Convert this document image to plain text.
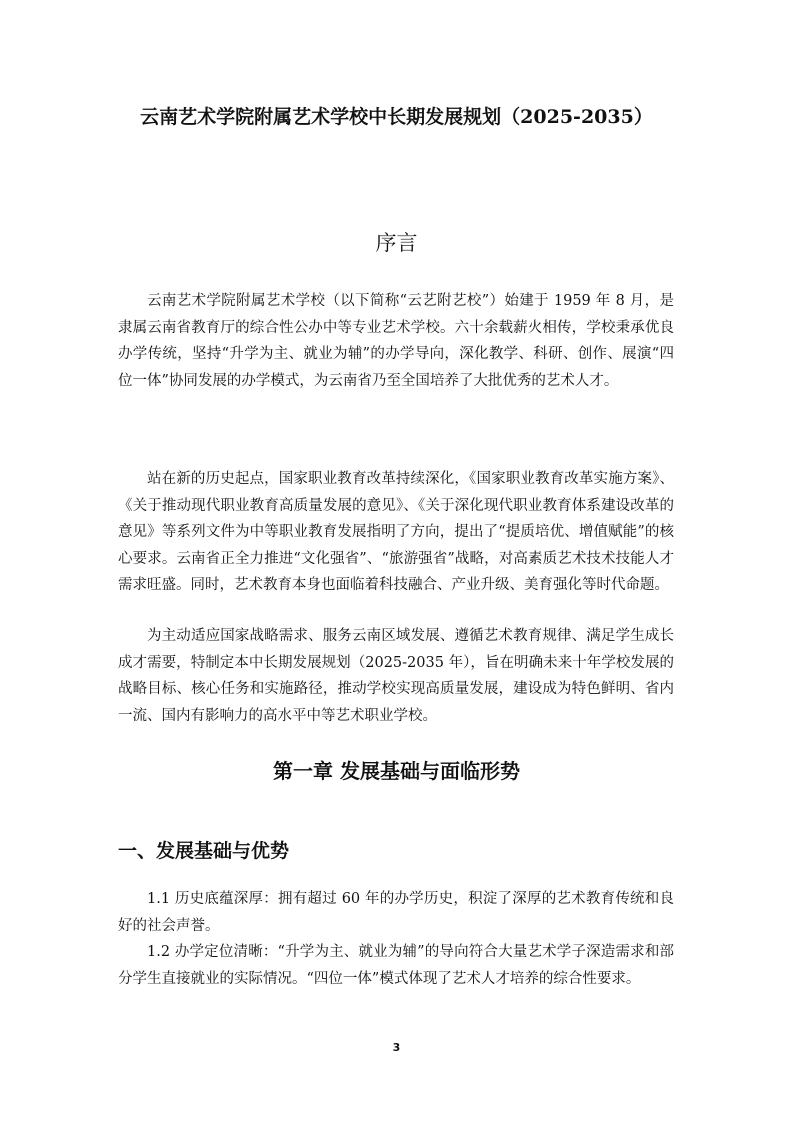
云南艺术学院附属艺术学校中长期发展规划（2025-2035）
序言

云南艺术学院附属艺术学校（以下简称“云艺附艺校”）始建于 1959 年 8 月，是隶属云南省教育厅的综合性公办中等专业艺术学校。六十余载薪火相传，学校秉承优良办学传统，坚持“升学为主、就业为辅”的办学导向，深化教学、科研、创作、展演“四位一体”协同发展的办学模式，为云南省乃至全国培养了大批优秀的艺术人才。

站在新的历史起点，国家职业教育改革持续深化，《国家职业教育改革实施方案》、《关于推动现代职业教育高质量发展的意见》、《关于深化现代职业教育体系建设改革的意见》等系列文件为中等职业教育发展指明了方向，提出了“提质培优、增值赋能”的核心要求。云南省正全力推进“文化强省”、“旅游强省”战略，对高素质艺术技术技能人才需求旺盛。同时，艺术教育本身也面临着科技融合、产业升级、美育强化等时代命题。

为主动适应国家战略需求、服务云南区域发展、遵循艺术教育规律、满足学生成长成才需要，特制定本中长期发展规划（2025-2035 年），旨在明确未来十年学校发展的战略目标、核心任务和实施路径，推动学校实现高质量发展，建设成为特色鲜明、省内一流、国内有影响力的高水平中等艺术职业学校。

第一章 发展基础与面临形势
一、发展基础与优势

1.1 历史底蕴深厚：拥有超过 60 年的办学历史，积淀了深厚的艺术教育传统和良好的社会声誉。

1.2 办学定位清晰：“升学为主、就业为辅”的导向符合大量艺术学子深造需求和部分学生直接就业的实际情况。“四位一体”模式体现了艺术人才培养的综合性要求。

3
